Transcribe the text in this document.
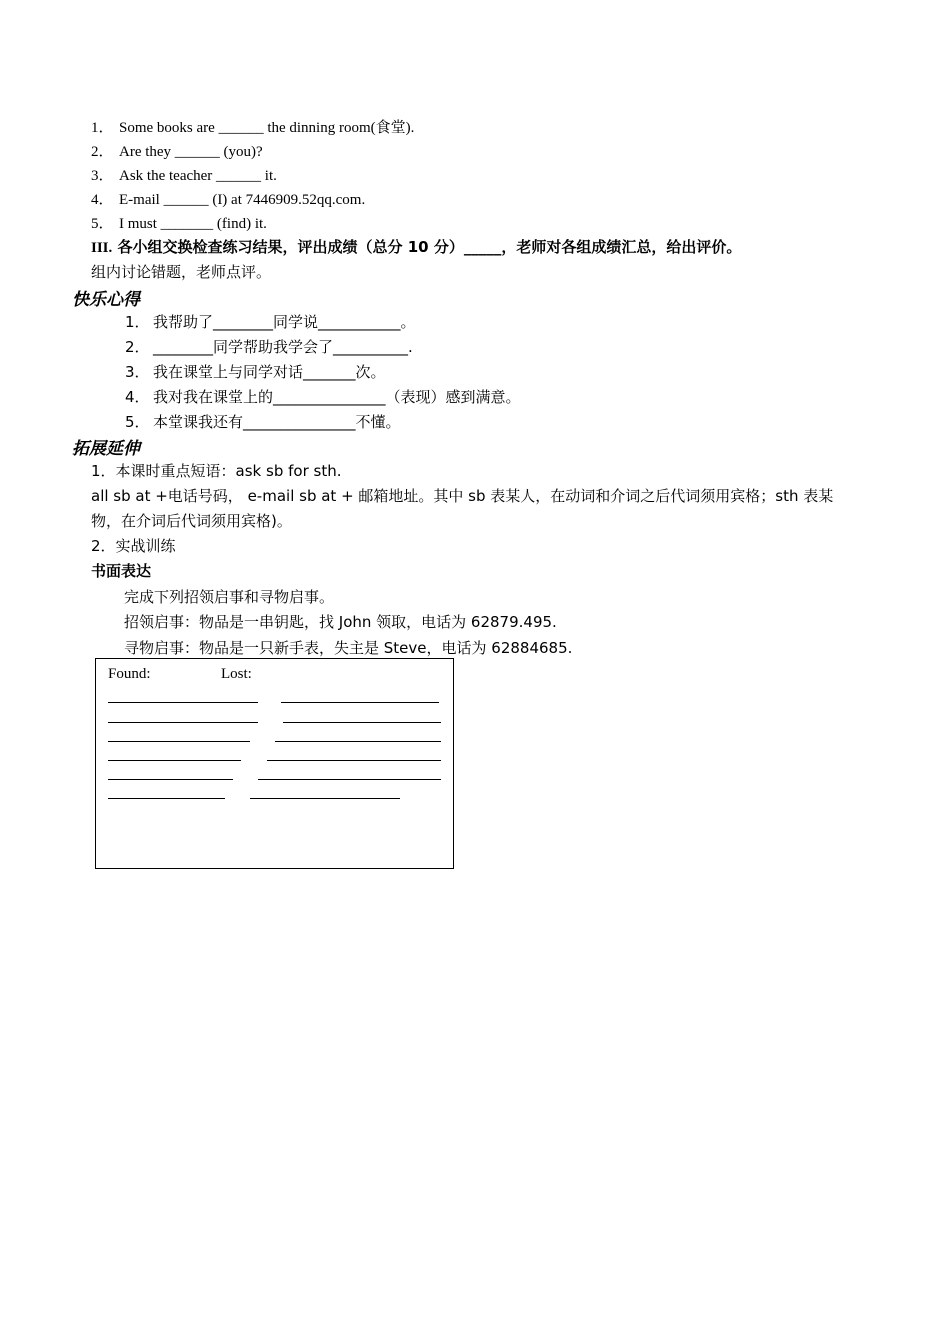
1． Some books are ______ the dinning room(食堂).
2． Are they ______ (you)?
3． Ask the teacher ______ it.
4． E-mail ______ (I) at 7446909.52qq.com.
5． I must _______ (find) it.
III. 各小组交换检查练习结果，评出成绩（总分 10 分）_____，老师对各组成绩汇总，给出评价。
组内讨论错题，老师点评。
快乐心得
1． 我帮助了________同学说___________。
2． ________同学帮助我学会了__________.
3． 我在课堂上与同学对话_______次。
4． 我对我在课堂上的_______________（表现）感到满意。
5． 本堂课我还有_______________不懂。
拓展延伸
1．本课时重点短语：ask sb for sth.
all sb at +电话号码， e-mail sb at + 邮箱地址。其中 sb 表某人，在动词和介词之后代词须用宾格；sth 表某
物，在介词后代词须用宾格)。
2．实战训练
书面表达
完成下列招领启事和寻物启事。
招领启事：物品是一串钥匙，找 John 领取，电话为 62879.495.
寻物启事：物品是一只新手表，失主是 Steve，电话为 62884685.
Found:	Lost:
